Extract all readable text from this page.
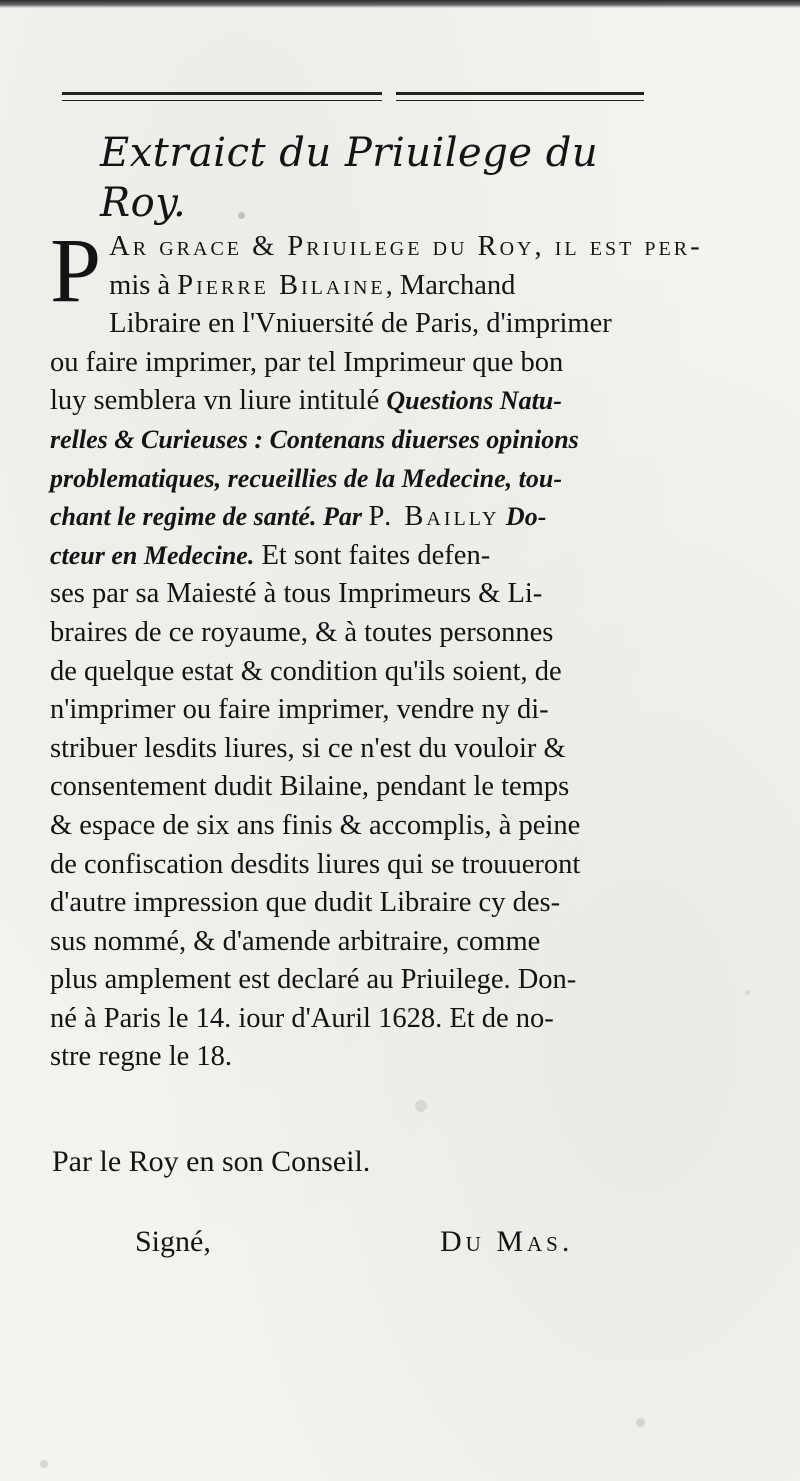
Extraict du Priuilege du Roy.
P Ar grace & Priuilege du Roy, il est per-
mis à Pierre Bilaine, Marchand
Libraire en l'Vniuersité de Paris, d'imprimer
ou faire imprimer, par tel Imprimeur que bon
luy semblera vn liure intitulé Questions Natu-
relles & Curieuses : Contenans diuerses opinions
problematiques, recueillies de la Medecine, tou-
chant le regime de santé. Par P. Bailly Do-
cteur en Medecine. Et sont faites defen-
ses par sa Maiesté à tous Imprimeurs & Li-
braires de ce royaume, & à toutes personnes
de quelque estat & condition qu'ils soient, de
n'imprimer ou faire imprimer, vendre ny di-
stribuer lesdits liures, si ce n'est du vouloir &
consentement dudit Bilaine, pendant le temps
& espace de six ans finis & accomplis, à peine
de confiscation desdits liures qui se trouueront
d'autre impression que dudit Libraire cy des-
sus nommé, & d'amende arbitraire, comme
plus amplement est declaré au Priuilege. Don-
né à Paris le 14. iour d'Auril 1628. Et de no-
stre regne le 18.
Par le Roy en son Conseil.
Signé,	Du Mas.
